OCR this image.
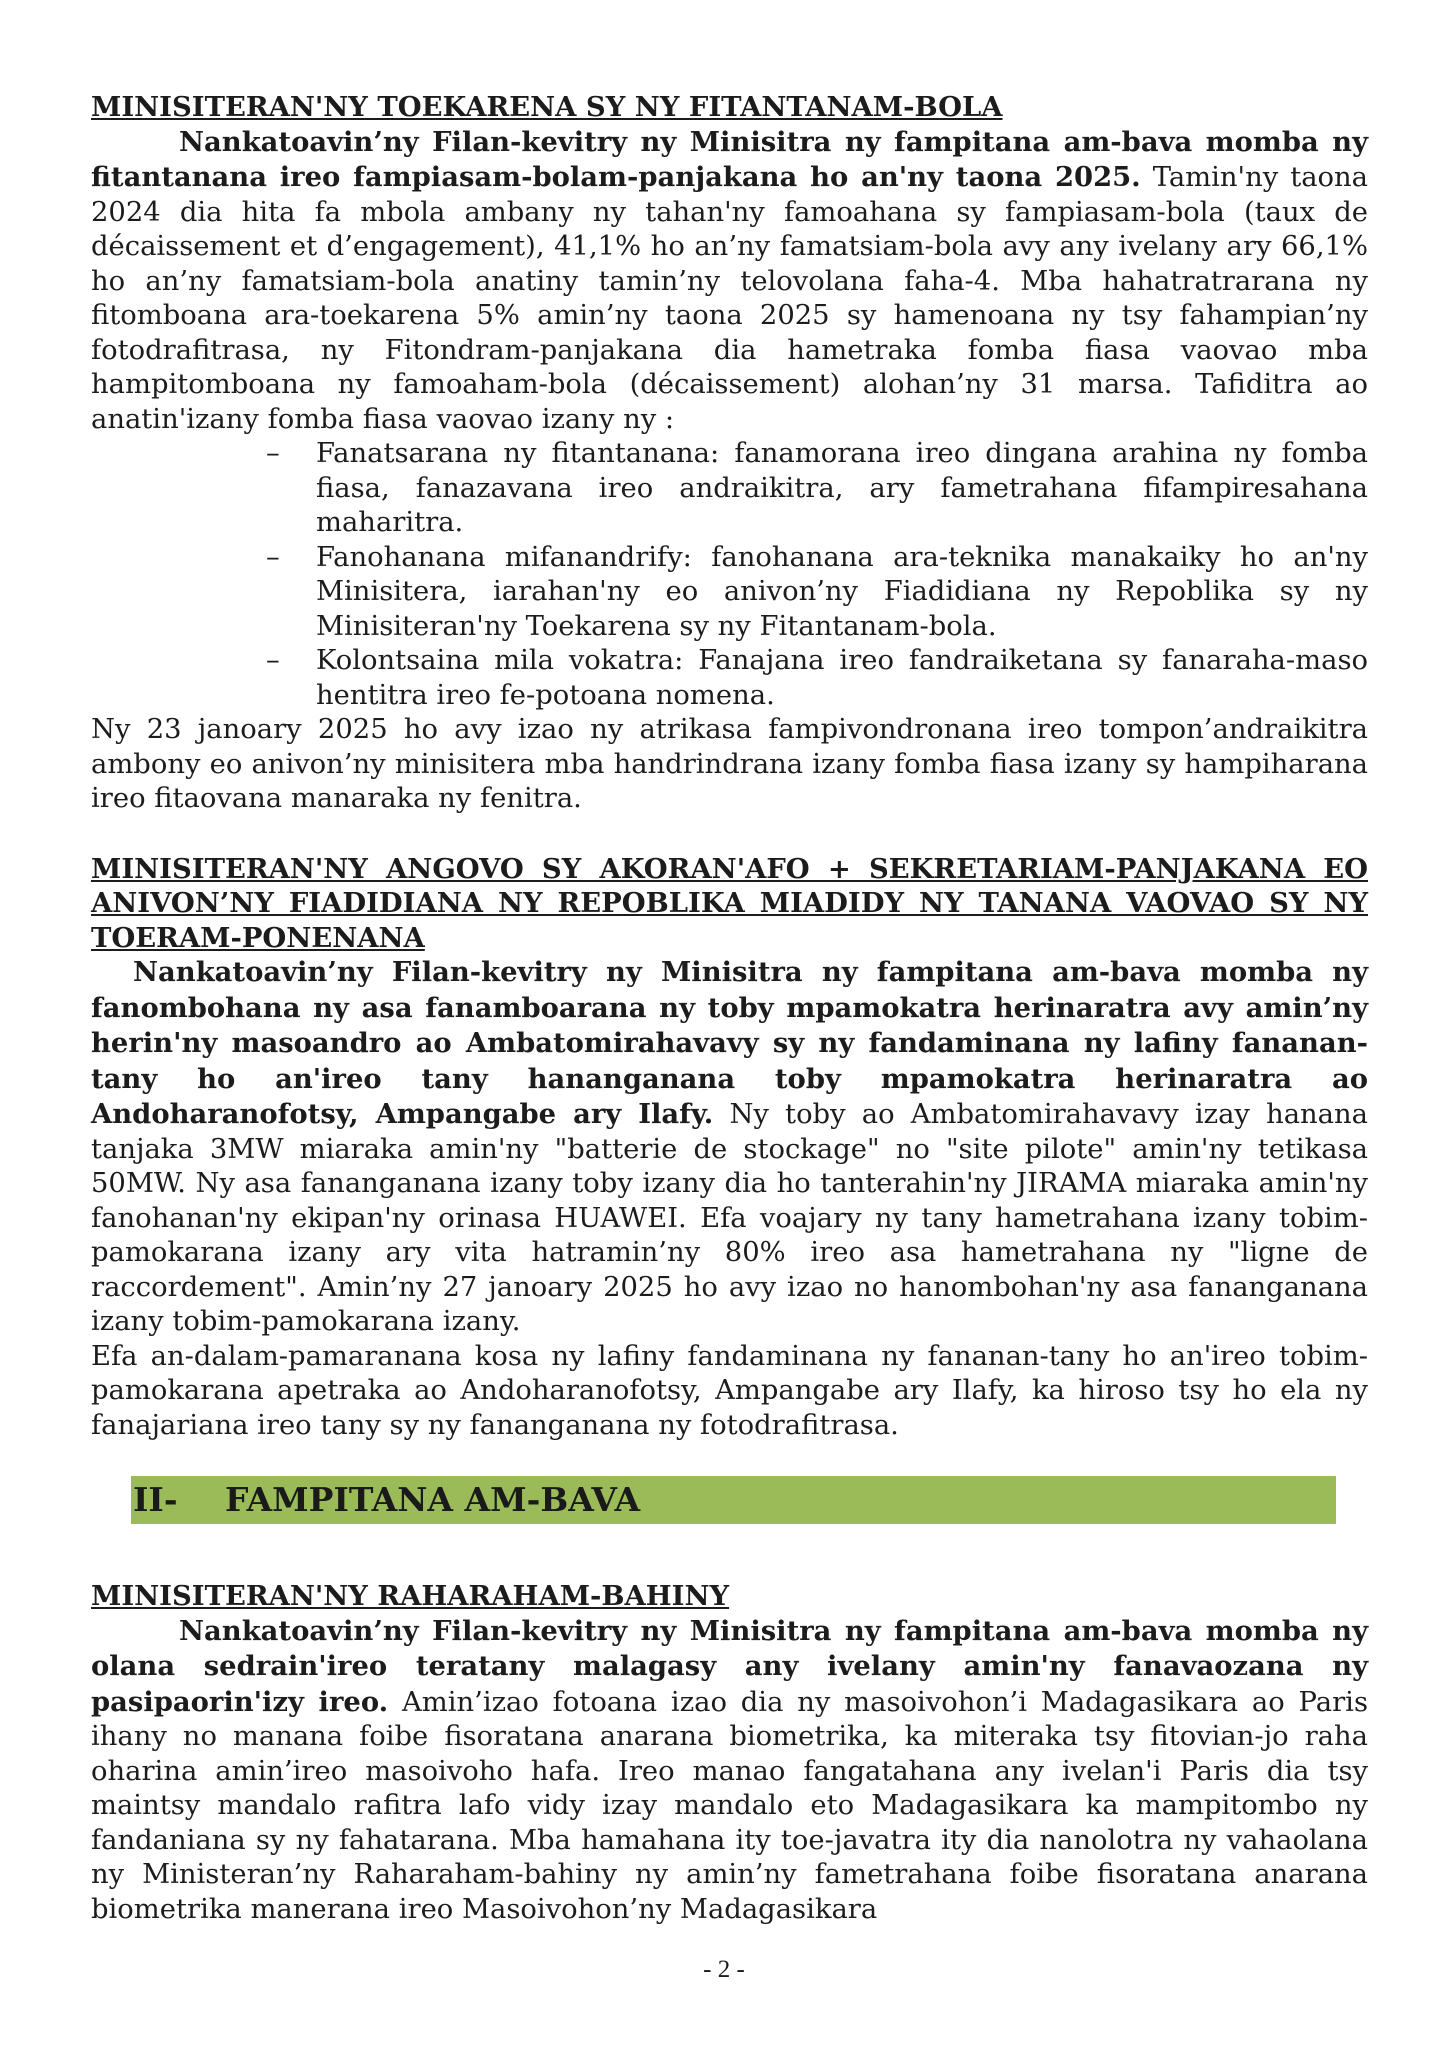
MINISITERAN'NY TOEKARENA SY NY FITANTANAM-BOLA

Nankatoavin’ny Filan-kevitry ny Minisitra ny fampitana am-bava momba ny fitantanana ireo fampiasam-bolam-panjakana ho an'ny taona 2025. Tamin'ny taona 2024 dia hita fa mbola ambany ny tahan'ny famoahana sy fampiasam-bola (taux de décaissement et d’engagement), 41,1% ho an’ny famatsiam-bola avy any ivelany ary 66,1% ho an’ny famatsiam-bola anatiny tamin’ny telovolana faha-4. Mba hahatratrarana ny fitomboana ara-toekarena 5% amin’ny taona 2025 sy hamenoana ny tsy fahampian’ny fotodrafitrasa, ny Fitondram-panjakana dia hametraka fomba fiasa vaovao mba hampitomboana ny famoaham-bola (décaissement) alohan’ny 31 marsa. Tafiditra ao anatin'izany fomba fiasa vaovao izany ny :

– Fanatsarana ny fitantanana: fanamorana ireo dingana arahina ny fomba fiasa, fanazavana ireo andraikitra, ary fametrahana fifampiresahana maharitra.
– Fanohanana mifanandrify: fanohanana ara-teknika manakaiky ho an'ny Minisitera, iarahan'ny eo anivon’ny Fiadidiana ny Repoblika sy ny Minisiteran'ny Toekarena sy ny Fitantanam-bola.
– Kolontsaina mila vokatra: Fanajana ireo fandraiketana sy fanaraha-maso hentitra ireo fe-potoana nomena.

Ny 23 janoary 2025 ho avy izao ny atrikasa fampivondronana ireo tompon’andraikitra ambony eo anivon’ny minisitera mba handrindrana izany fomba fiasa izany sy hampiharana ireo fitaovana manaraka ny fenitra.

MINISITERAN'NY ANGOVO SY AKORAN'AFO + SEKRETARIAM-PANJAKANA EO ANIVON’NY FIADIDIANA NY REPOBLIKA MIADIDY NY TANANA VAOVAO SY NY TOERAM-PONENANA

Nankatoavin’ny Filan-kevitry ny Minisitra ny fampitana am-bava momba ny fanombohana ny asa fanamboarana ny toby mpamokatra herinaratra avy amin’ny herin'ny masoandro ao Ambatomirahavavy sy ny fandaminana ny lafiny fananan-tany ho an'ireo tany hananganana toby mpamokatra herinaratra ao Andoharanofotsy, Ampangabe ary Ilafy. Ny toby ao Ambatomirahavavy izay hanana tanjaka 3MW miaraka amin'ny "batterie de stockage" no "site pilote" amin'ny tetikasa 50MW. Ny asa fananganana izany toby izany dia ho tanterahin'ny JIRAMA miaraka amin'ny fanohanan'ny ekipan'ny orinasa HUAWEI. Efa voajary ny tany hametrahana izany tobim-pamokarana izany ary vita hatramin’ny 80% ireo asa hametrahana ny "ligne de raccordement". Amin’ny 27 janoary 2025 ho avy izao no hanombohan'ny asa fananganana izany tobim-pamokarana izany.

Efa an-dalam-pamaranana kosa ny lafiny fandaminana ny fananan-tany ho an'ireo tobim-pamokarana apetraka ao Andoharanofotsy, Ampangabe ary Ilafy, ka hiroso tsy ho ela ny fanajariana ireo tany sy ny fananganana ny fotodrafitrasa.

II-	FAMPITANA AM-BAVA

MINISITERAN'NY RAHARAHAM-BAHINY

Nankatoavin’ny Filan-kevitry ny Minisitra ny fampitana am-bava momba ny olana sedrain'ireo teratany malagasy any ivelany amin'ny fanavaozana ny pasipaorin'izy ireo. Amin’izao fotoana izao dia ny masoivohon’i Madagasikara ao Paris ihany no manana foibe fisoratana anarana biometrika, ka miteraka tsy fitovian-jo raha oharina amin’ireo masoivoho hafa. Ireo manao fangatahana any ivelan'i Paris dia tsy maintsy mandalo rafitra lafo vidy izay mandalo eto Madagasikara ka mampitombo ny fandaniana sy ny fahatarana. Mba hamahana ity toe-javatra ity dia nanolotra ny vahaolana ny Ministeran’ny Raharaham-bahiny ny amin’ny fametrahana foibe fisoratana anarana biometrika manerana ireo Masoivohon’ny Madagasikara

- 2 -
